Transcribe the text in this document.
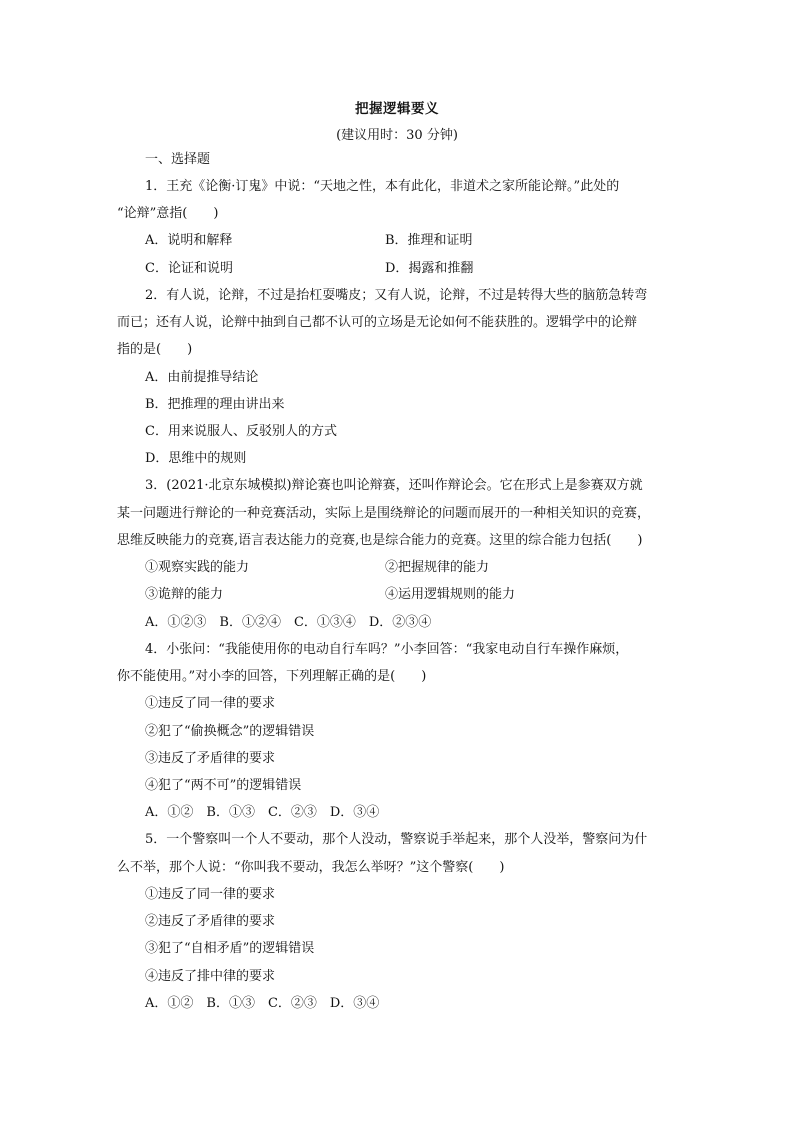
把握逻辑要义
(建议用时：30 分钟)
一、选择题
1．王充《论衡·订鬼》中说：“天地之性，本有此化，非道术之家所能论辩。”此处的
“论辩”意指(　　)
A．说明和解释	B．推理和证明
C．论证和说明	D．揭露和推翻
2．有人说，论辩，不过是抬杠耍嘴皮；又有人说，论辩，不过是转得大些的脑筋急转弯
而已；还有人说，论辩中抽到自己都不认可的立场是无论如何不能获胜的。逻辑学中的论辩
指的是(　　)
A．由前提推导结论
B．把推理的理由讲出来
C．用来说服人、反驳别人的方式
D．思维中的规则
3．(2021·北京东城模拟)辩论赛也叫论辩赛，还叫作辩论会。它在形式上是参赛双方就
某一问题进行辩论的一种竞赛活动，实际上是围绕辩论的问题而展开的一种相关知识的竞赛，
思维反映能力的竞赛,语言表达能力的竞赛,也是综合能力的竞赛。这里的综合能力包括(　　)
①观察实践的能力	②把握规律的能力
③诡辩的能力	④运用逻辑规则的能力
A．①②③　B．①②④　C．①③④　D．②③④
4．小张问：“我能使用你的电动自行车吗？”小李回答：“我家电动自行车操作麻烦，
你不能使用。”对小李的回答，下列理解正确的是(　　)
①违反了同一律的要求
②犯了“偷换概念”的逻辑错误
③违反了矛盾律的要求
④犯了“两不可”的逻辑错误
A．①②　B．①③　C．②③　D．③④
5．一个警察叫一个人不要动，那个人没动，警察说手举起来，那个人没举，警察问为什
么不举，那个人说：“你叫我不要动，我怎么举呀？”这个警察(　　)
①违反了同一律的要求
②违反了矛盾律的要求
③犯了“自相矛盾”的逻辑错误
④违反了排中律的要求
A．①②　B．①③　C．②③　D．③④
